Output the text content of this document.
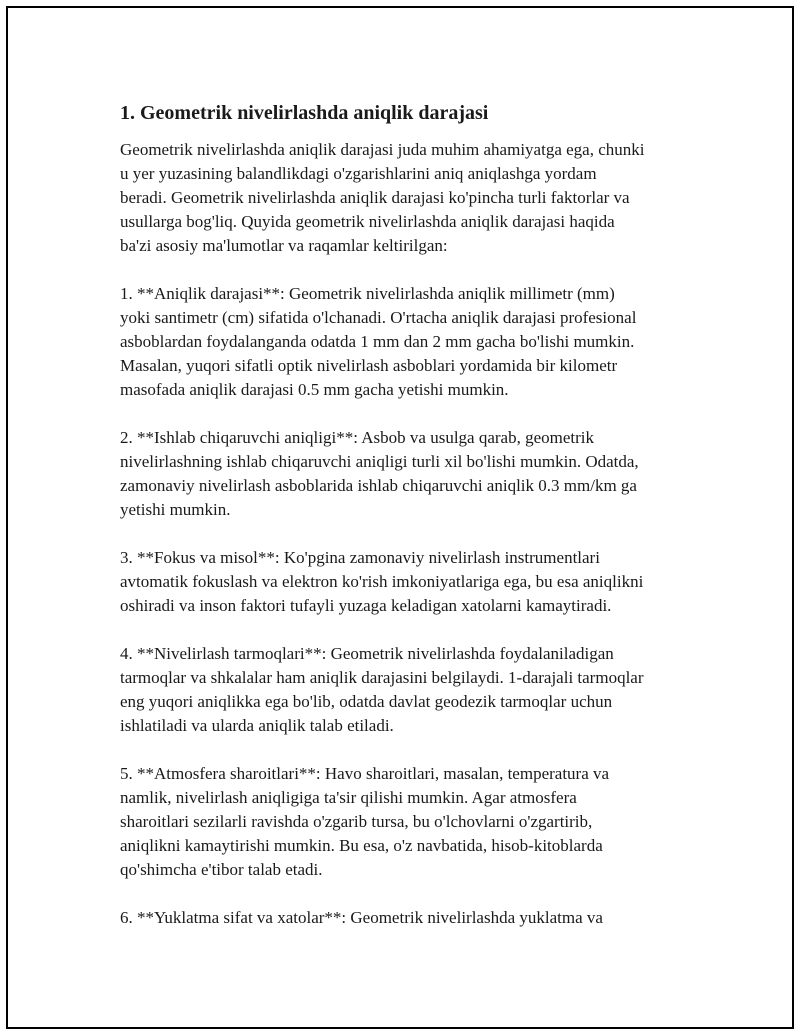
1. Geometrik nivelirlashda aniqlik darajasi
Geometrik nivelirlashda aniqlik darajasi juda muhim ahamiyatga ega, chunki
u yer yuzasining balandlikdagi o'zgarishlarini aniq aniqlashga yordam
beradi. Geometrik nivelirlashda aniqlik darajasi ko'pincha turli faktorlar va
usullarga bog'liq. Quyida geometrik nivelirlashda aniqlik darajasi haqida
ba'zi asosiy ma'lumotlar va raqamlar keltirilgan:
1. **Aniqlik darajasi**: Geometrik nivelirlashda aniqlik millimetr (mm)
yoki santimetr (cm) sifatida o'lchanadi. O'rtacha aniqlik darajasi profesional
asboblardan foydalanganda odatda 1 mm dan 2 mm gacha bo'lishi mumkin.
Masalan, yuqori sifatli optik nivelirlash asboblari yordamida bir kilometr
masofada aniqlik darajasi 0.5 mm gacha yetishi mumkin.
2. **Ishlab chiqaruvchi aniqligi**: Asbob va usulga qarab, geometrik
nivelirlashning ishlab chiqaruvchi aniqligi turli xil bo'lishi mumkin. Odatda,
zamonaviy nivelirlash asboblarida ishlab chiqaruvchi aniqlik 0.3 mm/km ga
yetishi mumkin.
3. **Fokus va misol**: Ko'pgina zamonaviy nivelirlash instrumentlari
avtomatik fokuslash va elektron ko'rish imkoniyatlariga ega, bu esa aniqlikni
oshiradi va inson faktori tufayli yuzaga keladigan xatolarni kamaytiradi.
4. **Nivelirlash tarmoqlari**: Geometrik nivelirlashda foydalaniladigan
tarmoqlar va shkalalar ham aniqlik darajasini belgilaydi. 1-darajali tarmoqlar
eng yuqori aniqlikka ega bo'lib, odatda davlat geodezik tarmoqlar uchun
ishlatiladi va ularda aniqlik talab etiladi.
5. **Atmosfera sharoitlari**: Havo sharoitlari, masalan, temperatura va
namlik, nivelirlash aniqligiga ta'sir qilishi mumkin. Agar atmosfera
sharoitlari sezilarli ravishda o'zgarib tursa, bu o'lchovlarni o'zgartirib,
aniqlikni kamaytirishi mumkin. Bu esa, o'z navbatida, hisob-kitoblarda
qo'shimcha e'tibor talab etadi.
6. **Yuklatma sifat va xatolar**: Geometrik nivelirlashda yuklatma va
